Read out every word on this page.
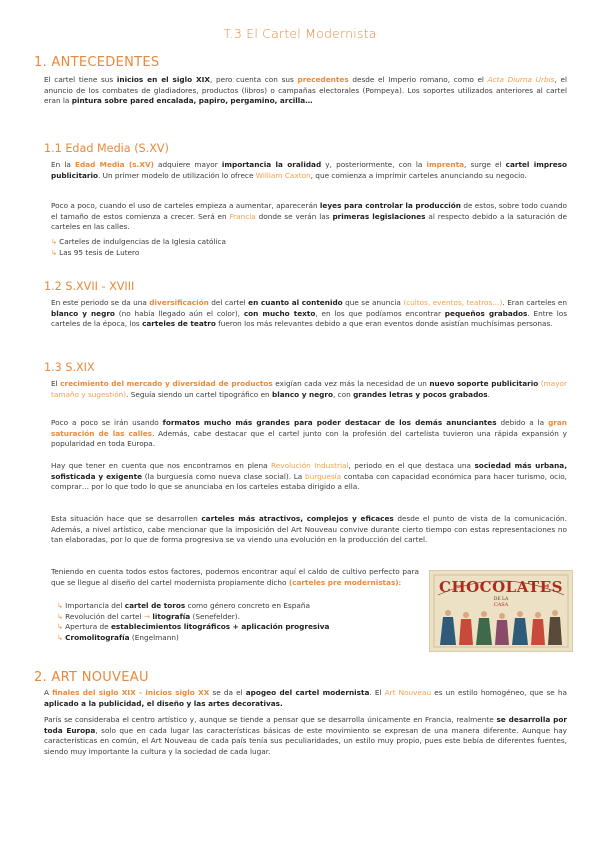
T.3 El Cartel Modernista
1. ANTECEDENTES
El cartel tiene sus inicios en el siglo XIX, pero cuenta con sus precedentes desde el Imperio romano, como el Acta Diurna Urbis, el anuncio de los combates de gladiadores, productos (libros) o campañas electorales (Pompeya). Los soportes utilizados anteriores al cartel eran la pintura sobre pared encalada, papiro, pergamino, arcilla…
1.1 Edad Media (S.XV)
En la Edad Media (s.XV) adquiere mayor importancia la oralidad y, posteriormente, con la imprenta, surge el cartel impreso publicitario. Un primer modelo de utilización lo ofrece William Caxton, que comienza a imprimir carteles anunciando su negocio.
Poco a poco, cuando el uso de carteles empieza a aumentar, aparecerán leyes para controlar la producción de estos, sobre todo cuando el tamaño de estos comienza a crecer. Será en Francia donde se verán las primeras legislaciones al respecto debido a la saturación de carteles en las calles.
↳ Carteles de indulgencias de la Iglesia católica
↳ Las 95 tesis de Lutero
1.2 S.XVII - XVIII
En este periodo se da una diversificación del cartel en cuanto al contenido que se anuncia (cultos, eventos, teatros…). Eran carteles en blanco y negro (no había llegado aún el color), con mucho texto, en los que podíamos encontrar pequeños grabados. Entre los carteles de la época, los carteles de teatro fueron los más relevantes debido a que eran eventos donde asistían muchísimas personas.
1.3 S.XIX
El crecimiento del mercado y diversidad de productos exigían cada vez más la necesidad de un nuevo soporte publicitario (mayor tamaño y sugestión). Seguía siendo un cartel tipográfico en blanco y negro, con grandes letras y pocos grabados.
Poco a poco se irán usando formatos mucho más grandes para poder destacar de los demás anunciantes debido a la gran saturación de las calles. Además, cabe destacar que el cartel junto con la profesión del cartelista tuvieron una rápida expansión y popularidad en toda Europa.
Hay que tener en cuenta que nos encontramos en plena Revolución Industrial, periodo en el que destaca una sociedad más urbana, sofisticada y exigente (la burguesía como nueva clase social). La burguesía contaba con capacidad económica para hacer turismo, ocio, comprar… por lo que todo lo que se anunciaba en los carteles estaba dirigido a ella.
Esta situación hace que se desarrollen carteles más atractivos, complejos y eficaces desde el punto de vista de la comunicación. Además, a nivel artístico, cabe mencionar que la imposición del Art Nouveau convive durante cierto tiempo con estas representaciones no tan elaboradas, por lo que de forma progresiva se va viendo una evolución en la producción del cartel.
Teniendo en cuenta todos estos factores, podemos encontrar aquí el caldo de cultivo perfecto para que se llegue al diseño del cartel modernista propiamente dicho (carteles pre modernistas):
↳ Importancia del cartel de toros como género concreto en España
↳ Revolución del cartel → litografía (Senefelder).
↳ Apertura de establecimientos litográficos + aplicación progresiva
↳ Cromolitografía (Engelmann)
CHOCOLATES
DE LA
CASA
2. ART NOUVEAU
A finales del siglo XIX - inicios siglo XX se da el apogeo del cartel modernista. El Art Nouveau es un estilo homogéneo, que se ha aplicado a la publicidad, el diseño y las artes decorativas.
París se consideraba el centro artístico y, aunque se tiende a pensar que se desarrolla únicamente en Francia, realmente se desarrolla por toda Europa, solo que en cada lugar las características básicas de este movimiento se expresan de una manera diferente. Aunque hay características en común, el Art Nouveau de cada país tenía sus peculiaridades, un estilo muy propio, pues este bebía de diferentes fuentes, siendo muy importante la cultura y la sociedad de cada lugar.
